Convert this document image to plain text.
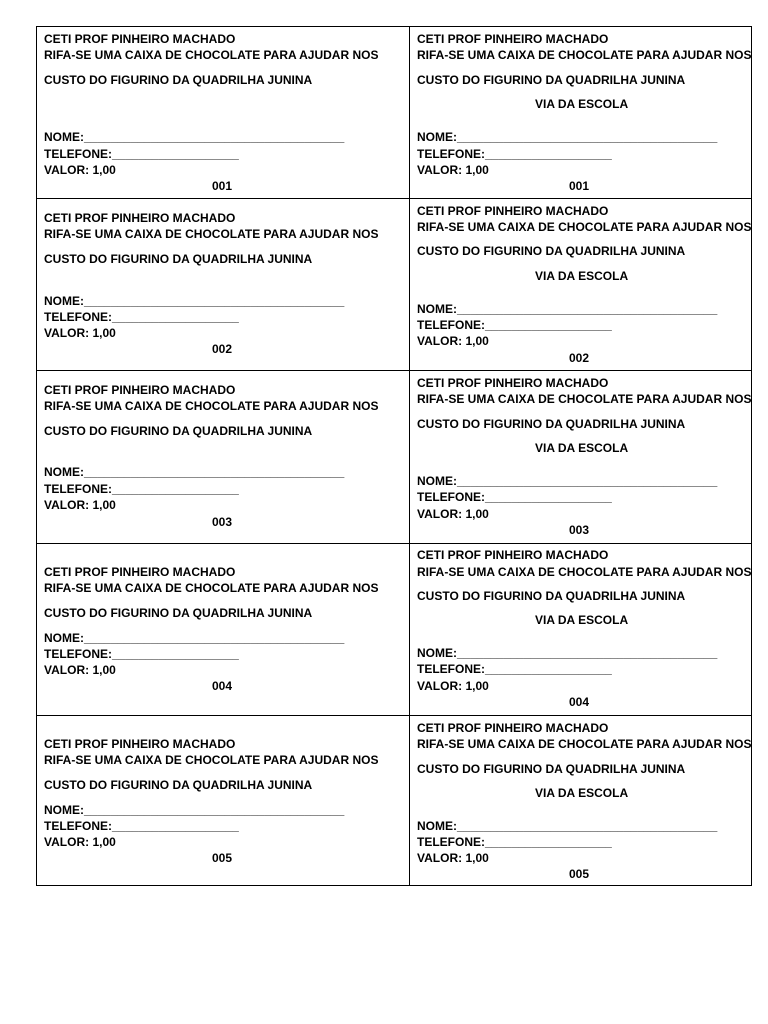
CETI PROF PINHEIRO MACHADO
RIFA-SE UMA CAIXA DE CHOCOLATE PARA AJUDAR NOS
CUSTO DO FIGURINO DA QUADRILHA JUNINA
NOME:_______________________________________
TELEFONE:___________________
VALOR: 1,00
001
CETI PROF PINHEIRO MACHADO
RIFA-SE UMA CAIXA DE CHOCOLATE PARA AJUDAR NOS
CUSTO DO FIGURINO DA QUADRILHA JUNINA
NOME:_______________________________________
TELEFONE:___________________
VALOR: 1,00
002
CETI PROF PINHEIRO MACHADO
RIFA-SE UMA CAIXA DE CHOCOLATE PARA AJUDAR NOS
CUSTO DO FIGURINO DA QUADRILHA JUNINA
NOME:_______________________________________
TELEFONE:___________________
VALOR: 1,00
003
CETI PROF PINHEIRO MACHADO
RIFA-SE UMA CAIXA DE CHOCOLATE PARA AJUDAR NOS
CUSTO DO FIGURINO DA QUADRILHA JUNINA
NOME:_______________________________________
TELEFONE:___________________
VALOR: 1,00
004
CETI PROF PINHEIRO MACHADO
RIFA-SE UMA CAIXA DE CHOCOLATE PARA AJUDAR NOS
CUSTO DO FIGURINO DA QUADRILHA JUNINA
NOME:_______________________________________
TELEFONE:___________________
VALOR: 1,00
005
CETI PROF PINHEIRO MACHADO
RIFA-SE UMA CAIXA DE CHOCOLATE PARA AJUDAR NOS
CUSTO DO FIGURINO DA QUADRILHA JUNINA
VIA DA ESCOLA
NOME:_______________________________________
TELEFONE:___________________
VALOR: 1,00
001
CETI PROF PINHEIRO MACHADO
RIFA-SE UMA CAIXA DE CHOCOLATE PARA AJUDAR NOS
CUSTO DO FIGURINO DA QUADRILHA JUNINA
VIA DA ESCOLA
NOME:_______________________________________
TELEFONE:___________________
VALOR: 1,00
002
CETI PROF PINHEIRO MACHADO
RIFA-SE UMA CAIXA DE CHOCOLATE PARA AJUDAR NOS
CUSTO DO FIGURINO DA QUADRILHA JUNINA
VIA DA ESCOLA
NOME:_______________________________________
TELEFONE:___________________
VALOR: 1,00
003
CETI PROF PINHEIRO MACHADO
RIFA-SE UMA CAIXA DE CHOCOLATE PARA AJUDAR NOS
CUSTO DO FIGURINO DA QUADRILHA JUNINA
VIA DA ESCOLA
NOME:_______________________________________
TELEFONE:___________________
VALOR: 1,00
004
CETI PROF PINHEIRO MACHADO
RIFA-SE UMA CAIXA DE CHOCOLATE PARA AJUDAR NOS
CUSTO DO FIGURINO DA QUADRILHA JUNINA
VIA DA ESCOLA
NOME:_______________________________________
TELEFONE:___________________
VALOR: 1,00
005
